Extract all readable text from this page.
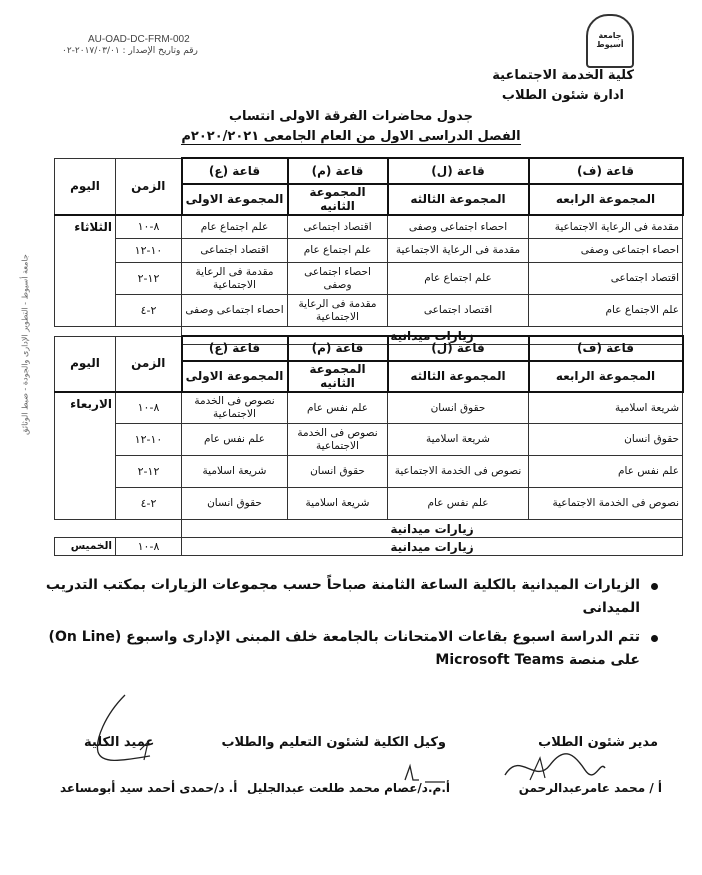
AU-OAD-DC-FRM-002
رقم وتاريخ الإصدار : ٢٠١٧/٠٣/٠١-٠٢
جامعة أسيوط
كلية الخدمة الاجتماعية
ادارة شئون الطلاب
جدول محاضرات الفرقة الاولى انتساب
الفصل الدراسى الاول من العام الجامعى ٢٠٢٠/٢٠٢١م
جامعة أسيوط - التطوير الإدارى والجودة - ضبط الوثائق
اليوم	الزمن	قاعة (ع)	قاعة (م)	قاعة (ل)	قاعة (ف)
		المجموعة الاولى	المجموعة الثانيه	المجموعة الثالثه	المجموعة الرابعه
الثلاثاء	٨-١٠	علم اجتماع عام	اقتصاد اجتماعى	احصاء اجتماعى وصفى	مقدمة فى الرعاية الاجتماعية
	١٠-١٢	اقتصاد اجتماعى	علم اجتماع عام	مقدمة فى الرعاية الاجتماعية	احصاء اجتماعى وصفى
	١٢-٢	مقدمة فى الرعاية الاجتماعية	احصاء اجتماعى وصفى	علم اجتماع عام	اقتصاد اجتماعى
	٢-٤	احصاء اجتماعى وصفى	مقدمة فى الرعاية الاجتماعية	اقتصاد اجتماعى	علم الاجتماع عام
		زيارات ميدانية			
اليوم	الزمن	قاعة (ع)	قاعة (م)	قاعة (ل)	قاعة (ف)
		المجموعة الاولى	المجموعة الثانيه	المجموعة الثالثه	المجموعة الرابعه
الاربعاء	٨-١٠	نصوص فى الخدمة الاجتماعية	علم نفس عام	حقوق انسان	شريعة اسلامية
	١٠-١٢	علم نفس عام	نصوص فى الخدمة الاجتماعية	شريعة اسلامية	حقوق انسان
	١٢-٢	شريعة اسلامية	حقوق انسان	نصوص فى الخدمة الاجتماعية	علم نفس عام
	٢-٤	حقوق انسان	شريعة اسلامية	علم نفس عام	نصوص فى الخدمة الاجتماعية
		زيارات ميدانية			
الخميس	٨-١٠	زيارات ميدانية			
الزيارات الميدانية بالكلية الساعة الثامنة صباحاً حسب مجموعات الزيارات بمكتب التدريب الميدانى
تتم الدراسة اسبوع بقاعات الامتحانات بالجامعة خلف المبنى الإدارى واسبوع (On Line) على منصة Microsoft Teams
مدير شئون الطلاب
وكيل الكلية لشئون التعليم والطلاب
عميد الكلية
أ / محمد عامرعبدالرحمن
أ.م.د/عصام محمد طلعت عبدالجليل
أ. د/حمدى أحمد سيد أبومساعد
